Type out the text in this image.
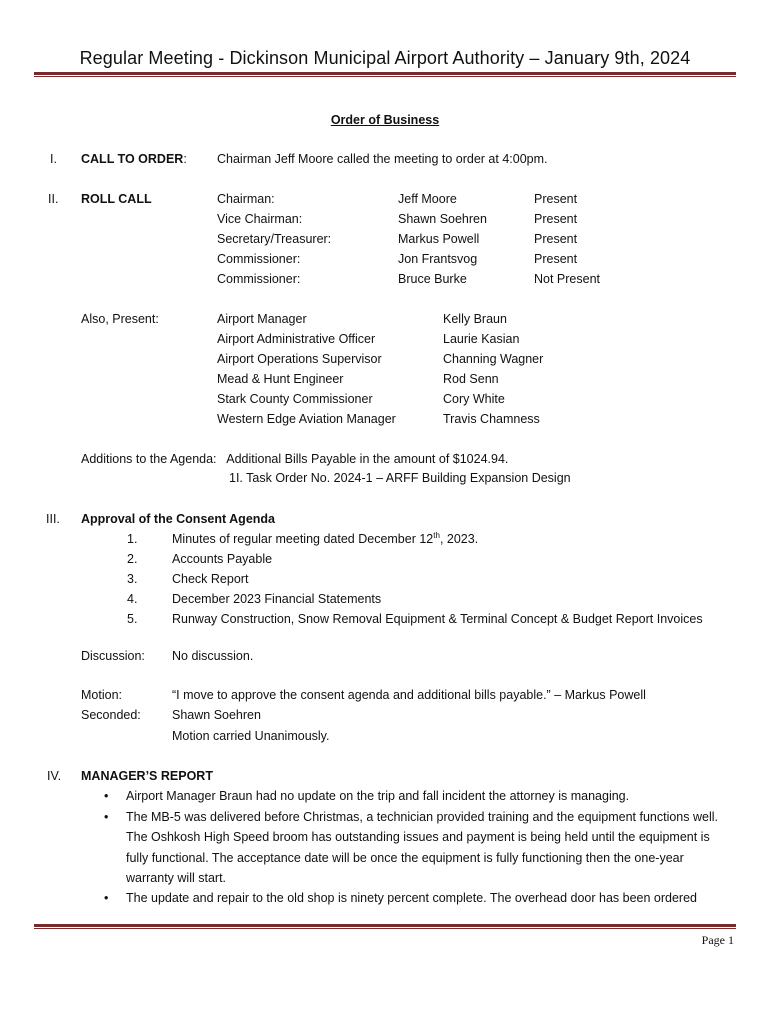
Regular Meeting - Dickinson Municipal Airport Authority – January 9th, 2024
Order of Business
I. CALL TO ORDER: Chairman Jeff Moore called the meeting to order at 4:00pm.
II. ROLL CALL	Chairman:	Jeff Moore	Present
Vice Chairman:	Shawn Soehren	Present
Secretary/Treasurer:	Markus Powell	Present
Commissioner:	Jon Frantsvog	Present
Commissioner:	Bruce Burke	Not Present
Also, Present:	Airport Manager	Kelly Braun
Airport Administrative Officer	Laurie Kasian
Airport Operations Supervisor	Channing Wagner
Mead & Hunt Engineer	Rod Senn
Stark County Commissioner	Cory White
Western Edge Aviation Manager	Travis Chamness
Additions to the Agenda:   Additional Bills Payable in the amount of $1024.94.
1I. Task Order No. 2024-1 – ARFF Building Expansion Design
III. Approval of the Consent Agenda
1.	Minutes of regular meeting dated December 12th, 2023.
2.	Accounts Payable
3.	Check Report
4.	December 2023 Financial Statements
5.	Runway Construction, Snow Removal Equipment & Terminal Concept & Budget Report Invoices
Discussion: No discussion.
Motion:	“I move to approve the consent agenda and additional bills payable.” – Markus Powell
Seconded: Shawn Soehren
Motion carried Unanimously.
IV. MANAGER’S REPORT
• Airport Manager Braun had no update on the trip and fall incident the attorney is managing.
• The MB-5 was delivered before Christmas, a technician provided training and the equipment functions well.
The Oshkosh High Speed broom has outstanding issues and payment is being held until the equipment is
fully functional. The acceptance date will be once the equipment is fully functioning then the one-year
warranty will start.
• The update and repair to the old shop is ninety percent complete. The overhead door has been ordered
Page 1
